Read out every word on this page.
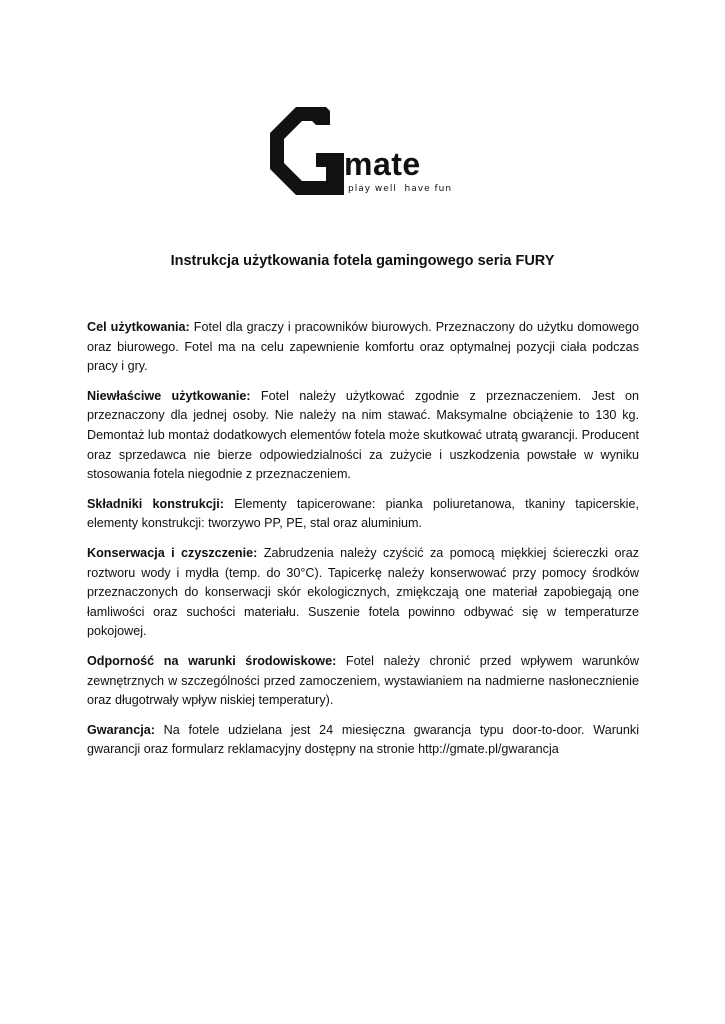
mate
play well  have fun
Instrukcja użytkowania fotela gamingowego seria FURY

Cel użytkowania: Fotel dla graczy i pracowników biurowych. Przeznaczony do użytku domowego oraz biurowego. Fotel ma na celu zapewnienie komfortu oraz optymalnej pozycji ciała podczas pracy i gry.

Niewłaściwe użytkowanie: Fotel należy użytkować zgodnie z przeznaczeniem. Jest on przeznaczony dla jednej osoby. Nie należy na nim stawać. Maksymalne obciążenie to 130 kg. Demontaż lub montaż dodatkowych elementów fotela może skutkować utratą gwarancji. Producent oraz sprzedawca nie bierze odpowiedzialności za zużycie i uszkodzenia powstałe w wyniku stosowania fotela niegodnie z przeznaczeniem.

Składniki konstrukcji: Elementy tapicerowane: pianka poliuretanowa, tkaniny tapicerskie, elementy konstrukcji: tworzywo PP, PE, stal oraz aluminium.

Konserwacja i czyszczenie: Zabrudzenia należy czyścić za pomocą miękkiej ściereczki oraz roztworu wody i mydła (temp. do 30°C). Tapicerkę należy konserwować przy pomocy środków przeznaczonych do konserwacji skór ekologicznych, zmiękczają one materiał zapobiegają one łamliwości oraz suchości materiału. Suszenie fotela powinno odbywać się w temperaturze pokojowej.

Odporność na warunki środowiskowe: Fotel należy chronić przed wpływem warunków zewnętrznych w szczególności przed zamoczeniem, wystawianiem na nadmierne nasłonecznienie oraz długotrwały wpływ niskiej temperatury).

Gwarancja: Na fotele udzielana jest 24 miesięczna gwarancja typu door-to-door. Warunki gwarancji oraz formularz reklamacyjny dostępny na stronie http://gmate.pl/gwarancja
